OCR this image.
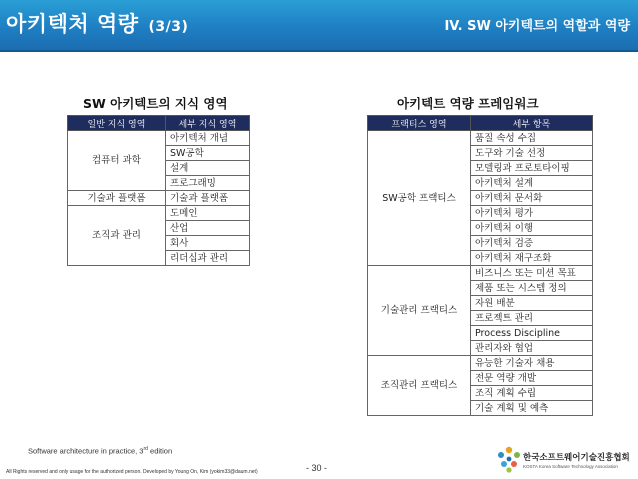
아키텍처 역량 (3/3)	IV. SW 아키텍트의 역할과 역량
SW 아키텍트의 지식 영역
일반 지식 영역	세부 지식 영역
컴퓨터 과학	아키텍처 개념
	SW공학
	설계
	프로그래밍
기술과 플랫폼	기술과 플랫폼
조직과 관리	도메인
	산업
	회사
	리더십과 관리
아키텍트 역량 프레임워크
프랙티스 영역	세부 항목
SW공학 프랙티스	품질 속성 수집
	도구와 기술 선정
	모델링과 프로토타이핑
	아키텍처 설계
	아키텍처 문서화
	아키텍처 평가
	아키텍처 이행
	아키텍처 검증
	아키텍처 재구조화
기술관리 프랙티스	비즈니스 또는 미션 목표
	제품 또는 시스템 정의
	자원 배분
	프로젝트 관리
	Process Discipline
	관리자와 협업
조직관리 프랙티스	유능한 기술자 채용
	전문 역량 개발
	조직 계획 수립
	기술 계획 및 예측
Software architecture in practice, 3rd edition
All Rights reserved and only usage for the authorized person. Developed by Young On, Kim (yokim33@daum.net)	- 30 -
한국소프트웨어기술진흥협회
KOSTA Korea Software Technology Association
